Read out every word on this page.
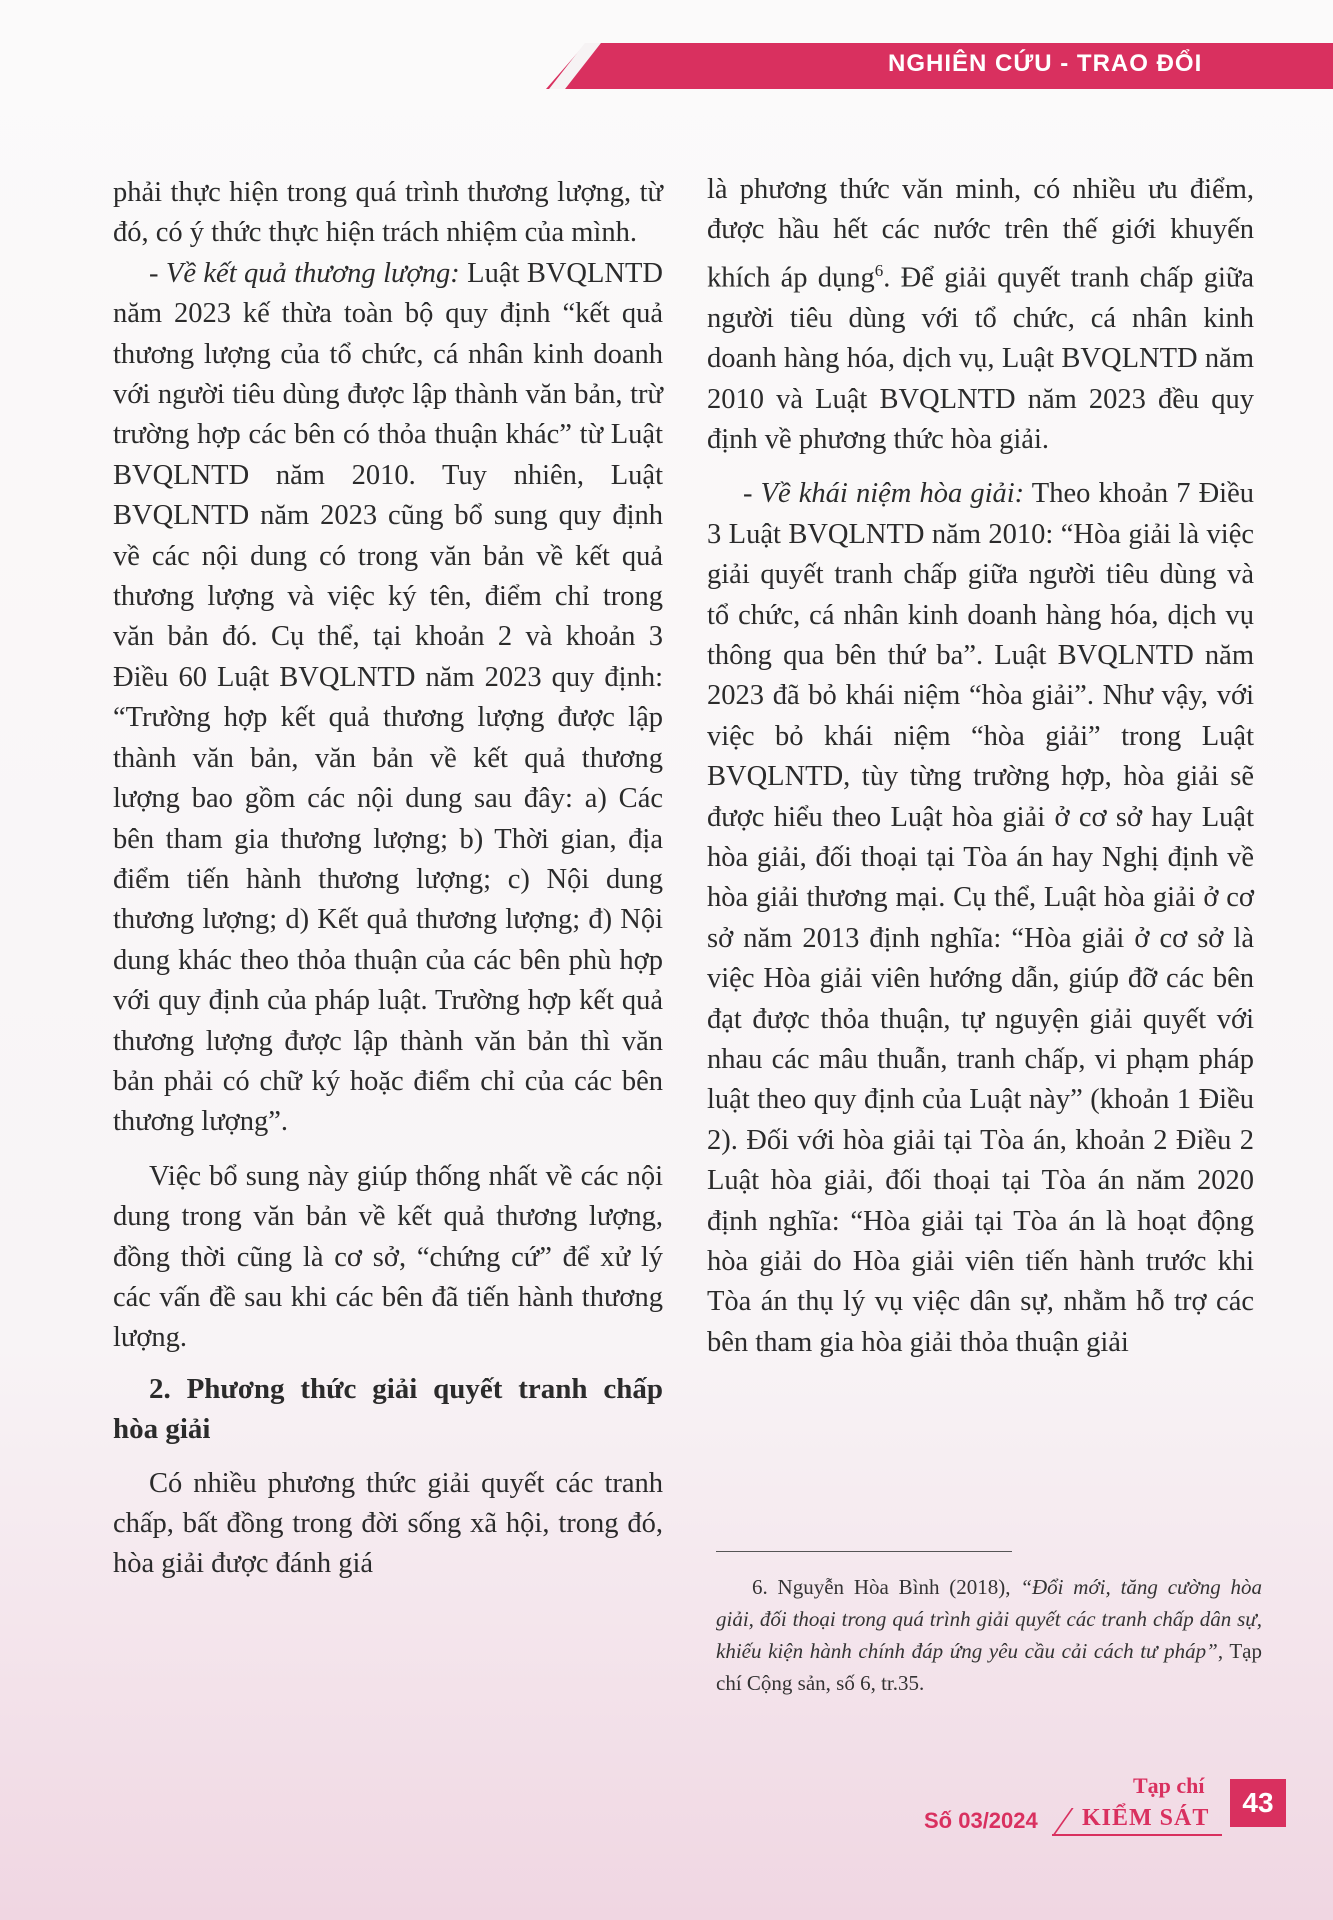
NGHIÊN CỨU - TRAO ĐỔI

phải thực hiện trong quá trình thương lượng, từ đó, có ý thức thực hiện trách nhiệm của mình.

- Về kết quả thương lượng: Luật BVQLNTD năm 2023 kế thừa toàn bộ quy định “kết quả thương lượng của tổ chức, cá nhân kinh doanh với người tiêu dùng được lập thành văn bản, trừ trường hợp các bên có thỏa thuận khác” từ Luật BVQLNTD năm 2010. Tuy nhiên, Luật BVQLNTD năm 2023 cũng bổ sung quy định về các nội dung có trong văn bản về kết quả thương lượng và việc ký tên, điểm chỉ trong văn bản đó. Cụ thể, tại khoản 2 và khoản 3 Điều 60 Luật BVQLNTD năm 2023 quy định: “Trường hợp kết quả thương lượng được lập thành văn bản, văn bản về kết quả thương lượng bao gồm các nội dung sau đây: a) Các bên tham gia thương lượng; b) Thời gian, địa điểm tiến hành thương lượng; c) Nội dung thương lượng; d) Kết quả thương lượng; đ) Nội dung khác theo thỏa thuận của các bên phù hợp với quy định của pháp luật. Trường hợp kết quả thương lượng được lập thành văn bản thì văn bản phải có chữ ký hoặc điểm chỉ của các bên thương lượng”.

Việc bổ sung này giúp thống nhất về các nội dung trong văn bản về kết quả thương lượng, đồng thời cũng là cơ sở, “chứng cứ” để xử lý các vấn đề sau khi các bên đã tiến hành thương lượng.

2. Phương thức giải quyết tranh chấp hòa giải

Có nhiều phương thức giải quyết các tranh chấp, bất đồng trong đời sống xã hội, trong đó, hòa giải được đánh giá

là phương thức văn minh, có nhiều ưu điểm, được hầu hết các nước trên thế giới khuyến khích áp dụng$^6$. Để giải quyết tranh chấp giữa người tiêu dùng với tổ chức, cá nhân kinh doanh hàng hóa, dịch vụ, Luật BVQLNTD năm 2010 và Luật BVQLNTD năm 2023 đều quy định về phương thức hòa giải.

- Về khái niệm hòa giải: Theo khoản 7 Điều 3 Luật BVQLNTD năm 2010: “Hòa giải là việc giải quyết tranh chấp giữa người tiêu dùng và tổ chức, cá nhân kinh doanh hàng hóa, dịch vụ thông qua bên thứ ba”. Luật BVQLNTD năm 2023 đã bỏ khái niệm “hòa giải”. Như vậy, với việc bỏ khái niệm “hòa giải” trong Luật BVQLNTD, tùy từng trường hợp, hòa giải sẽ được hiểu theo Luật hòa giải ở cơ sở hay Luật hòa giải, đối thoại tại Tòa án hay Nghị định về hòa giải thương mại. Cụ thể, Luật hòa giải ở cơ sở năm 2013 định nghĩa: “Hòa giải ở cơ sở là việc Hòa giải viên hướng dẫn, giúp đỡ các bên đạt được thỏa thuận, tự nguyện giải quyết với nhau các mâu thuẫn, tranh chấp, vi phạm pháp luật theo quy định của Luật này” (khoản 1 Điều 2). Đối với hòa giải tại Tòa án, khoản 2 Điều 2 Luật hòa giải, đối thoại tại Tòa án năm 2020 định nghĩa: “Hòa giải tại Tòa án là hoạt động hòa giải do Hòa giải viên tiến hành trước khi Tòa án thụ lý vụ việc dân sự, nhằm hỗ trợ các bên tham gia hòa giải thỏa thuận giải

6. Nguyễn Hòa Bình (2018), “Đổi mới, tăng cường hòa giải, đối thoại trong quá trình giải quyết các tranh chấp dân sự, khiếu kiện hành chính đáp ứng yêu cầu cải cách tư pháp”, Tạp chí Cộng sản, số 6, tr.35.
Số 03/2024
Tạp chí
KIỂM SÁT	43
